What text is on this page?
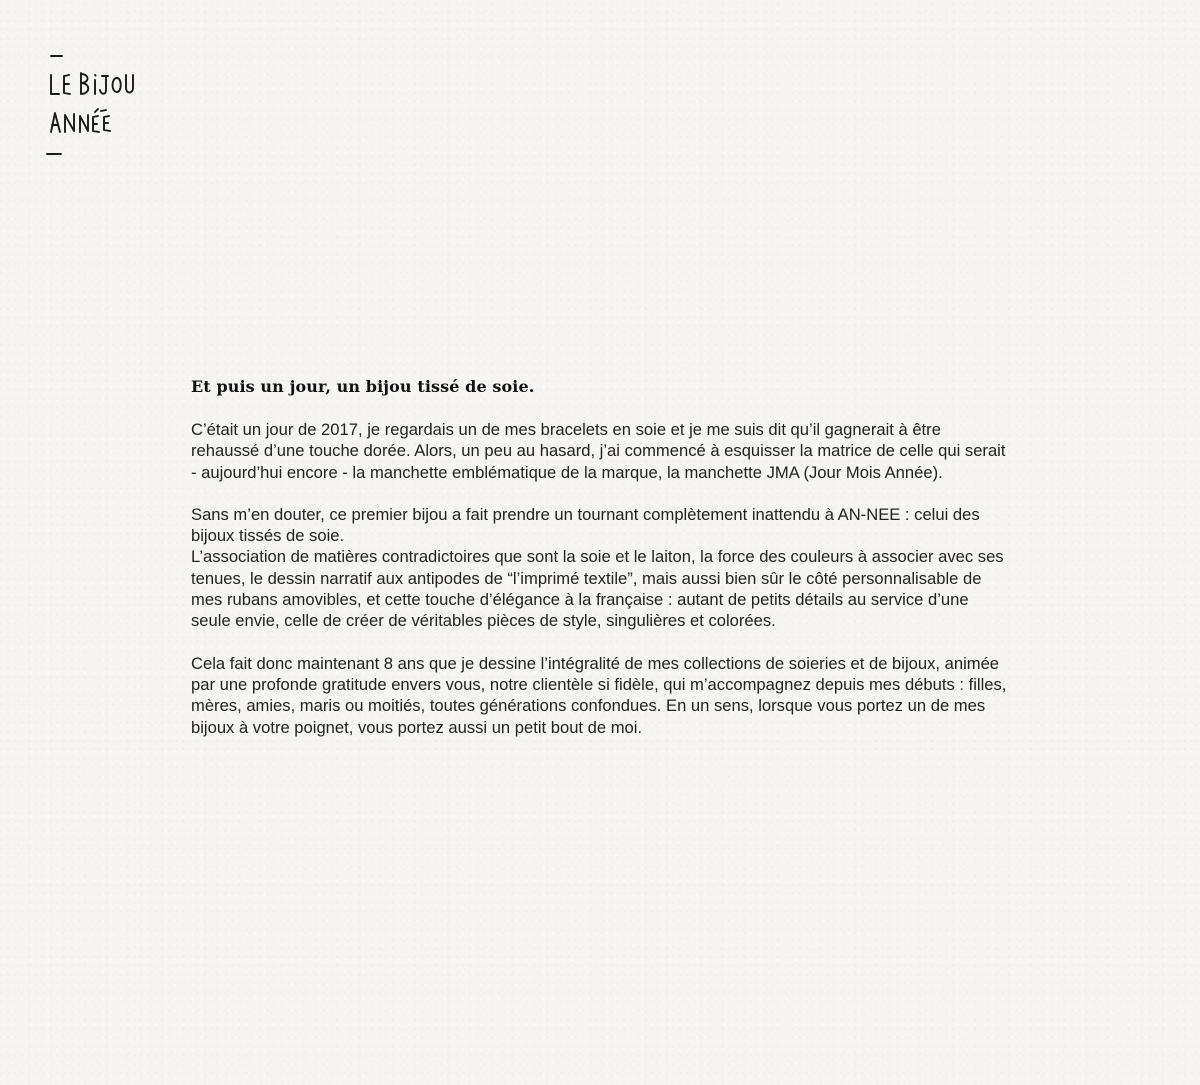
Et puis un jour, un bijou tissé de soie.

C’était un jour de 2017, je regardais un de mes bracelets en soie et je me suis dit qu’il gagnerait à être rehaussé d’une touche dorée. Alors, un peu au hasard, j’ai commencé à esquisser la matrice de celle qui serait - aujourd’hui encore - la manchette emblématique de la marque, la manchette JMA (Jour Mois Année).

Sans m’en douter, ce premier bijou a fait prendre un tournant complètement inattendu à AN-NEE : celui des bijoux tissés de soie.

L’association de matières contradictoires que sont la soie et le laiton, la force des couleurs à associer avec ses tenues, le dessin narratif aux antipodes de “l’imprimé textile”, mais aussi bien sûr le côté personnalisable de mes rubans amovibles, et cette touche d’élégance à la française : autant de petits détails au service d’une seule envie, celle de créer de véritables pièces de style, singulières et colorées.

Cela fait donc maintenant 8 ans que je dessine l’intégralité de mes collections de soieries et de bijoux, animée par une profonde gratitude envers vous, notre clientèle si fidèle, qui m’accompagnez depuis mes débuts : filles, mères, amies, maris ou moitiés, toutes générations confondues. En un sens, lorsque vous portez un de mes bijoux à votre poignet, vous portez aussi un petit bout de moi.
